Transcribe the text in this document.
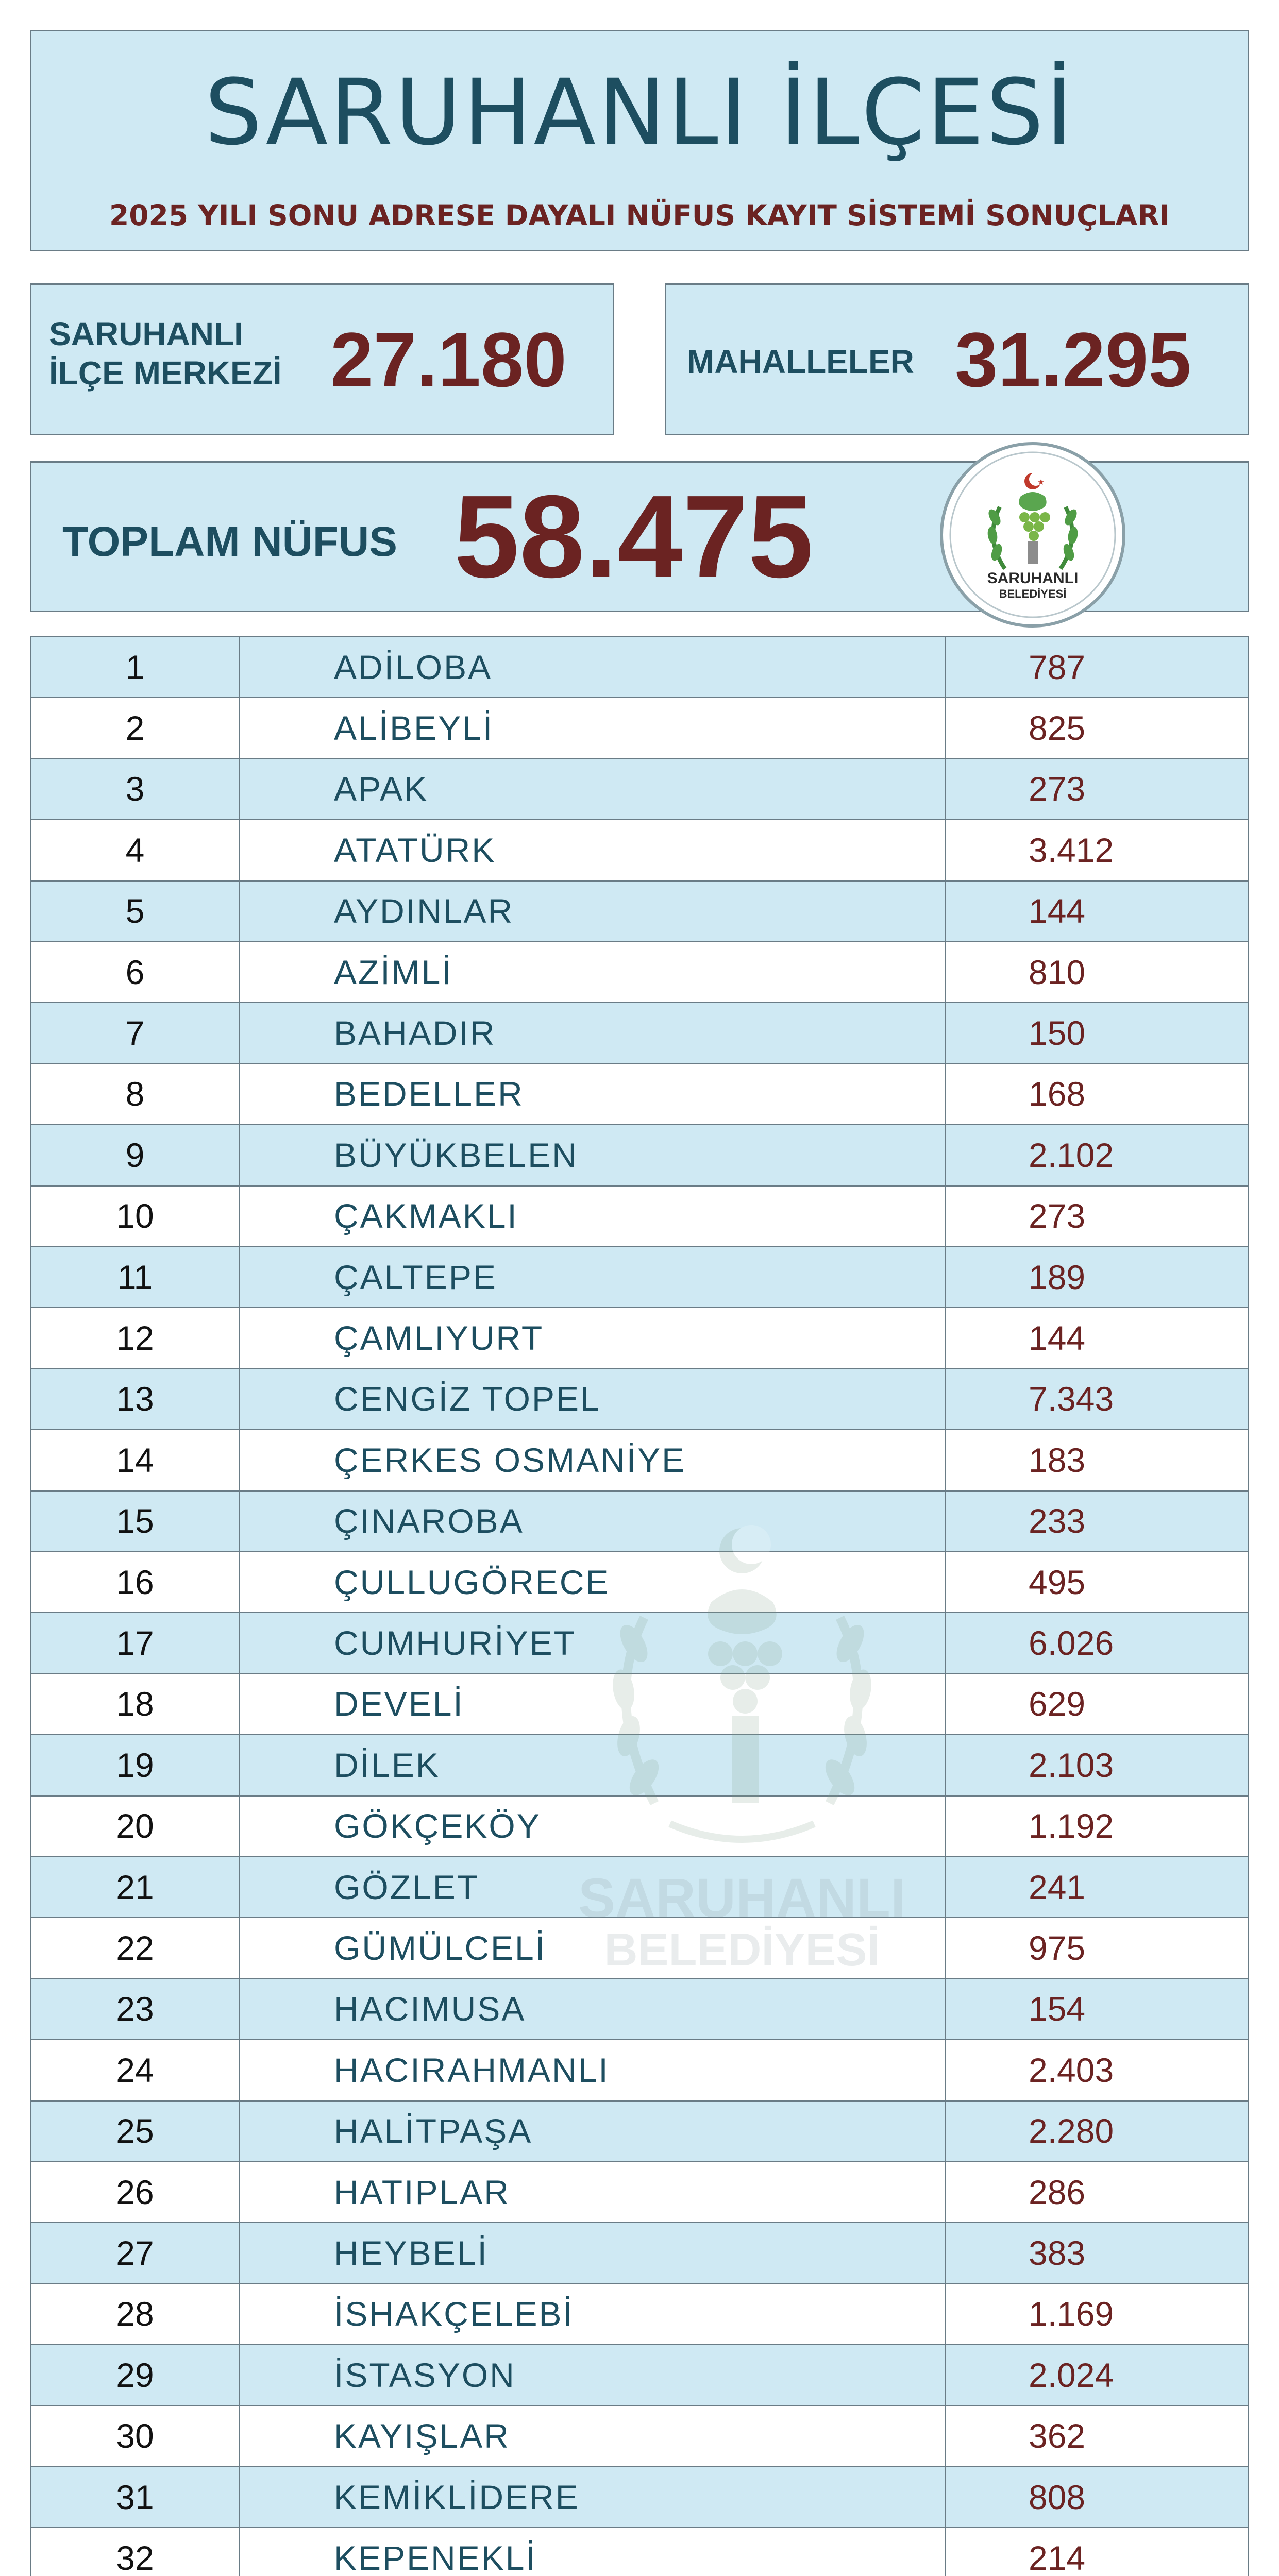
SARUHANLI İLÇESİ
2025 YILI SONU ADRESE DAYALI NÜFUS KAYIT SİSTEMİ SONUÇLARI
SARUHANLI
İLÇE MERKEZİ 27.180	MAHALLELER 31.295
TOPLAM NÜFUS 58.475	SARUHANLI
BELEDİYESİ
1	ADİLOBA	787
2	ALİBEYLİ	825
3	APAK	273
4	ATATÜRK	3.412
5	AYDINLAR	144
6	AZİMLİ	810
7	BAHADIR	150
8	BEDELLER	168
9	BÜYÜKBELEN	2.102
10	ÇAKMAKLI	273
11	ÇALTEPE	189
12	ÇAMLIYURT	144
13	CENGİZ TOPEL	7.343
14	ÇERKES OSMANİYE	183
15	ÇINAROBA	233
16	ÇULLUGÖRECE	495
17	CUMHURİYET	6.026
18	DEVELİ	629
19	DİLEK	2.103
20	GÖKÇEKÖY	1.192
21	GÖZLET	241
22	GÜMÜLCELİ	975
23	HACIMUSA	154
24	HACIRAHMANLI	2.403
25	HALİTPAŞA	2.280
26	HATIPLAR	286
27	HEYBELİ	383
28	İSHAKÇELEBİ	1.169
29	İSTASYON	2.024
30	KAYIŞLAR	362
31	KEMİKLİDERE	808
32	KEPENEKLİ	214
